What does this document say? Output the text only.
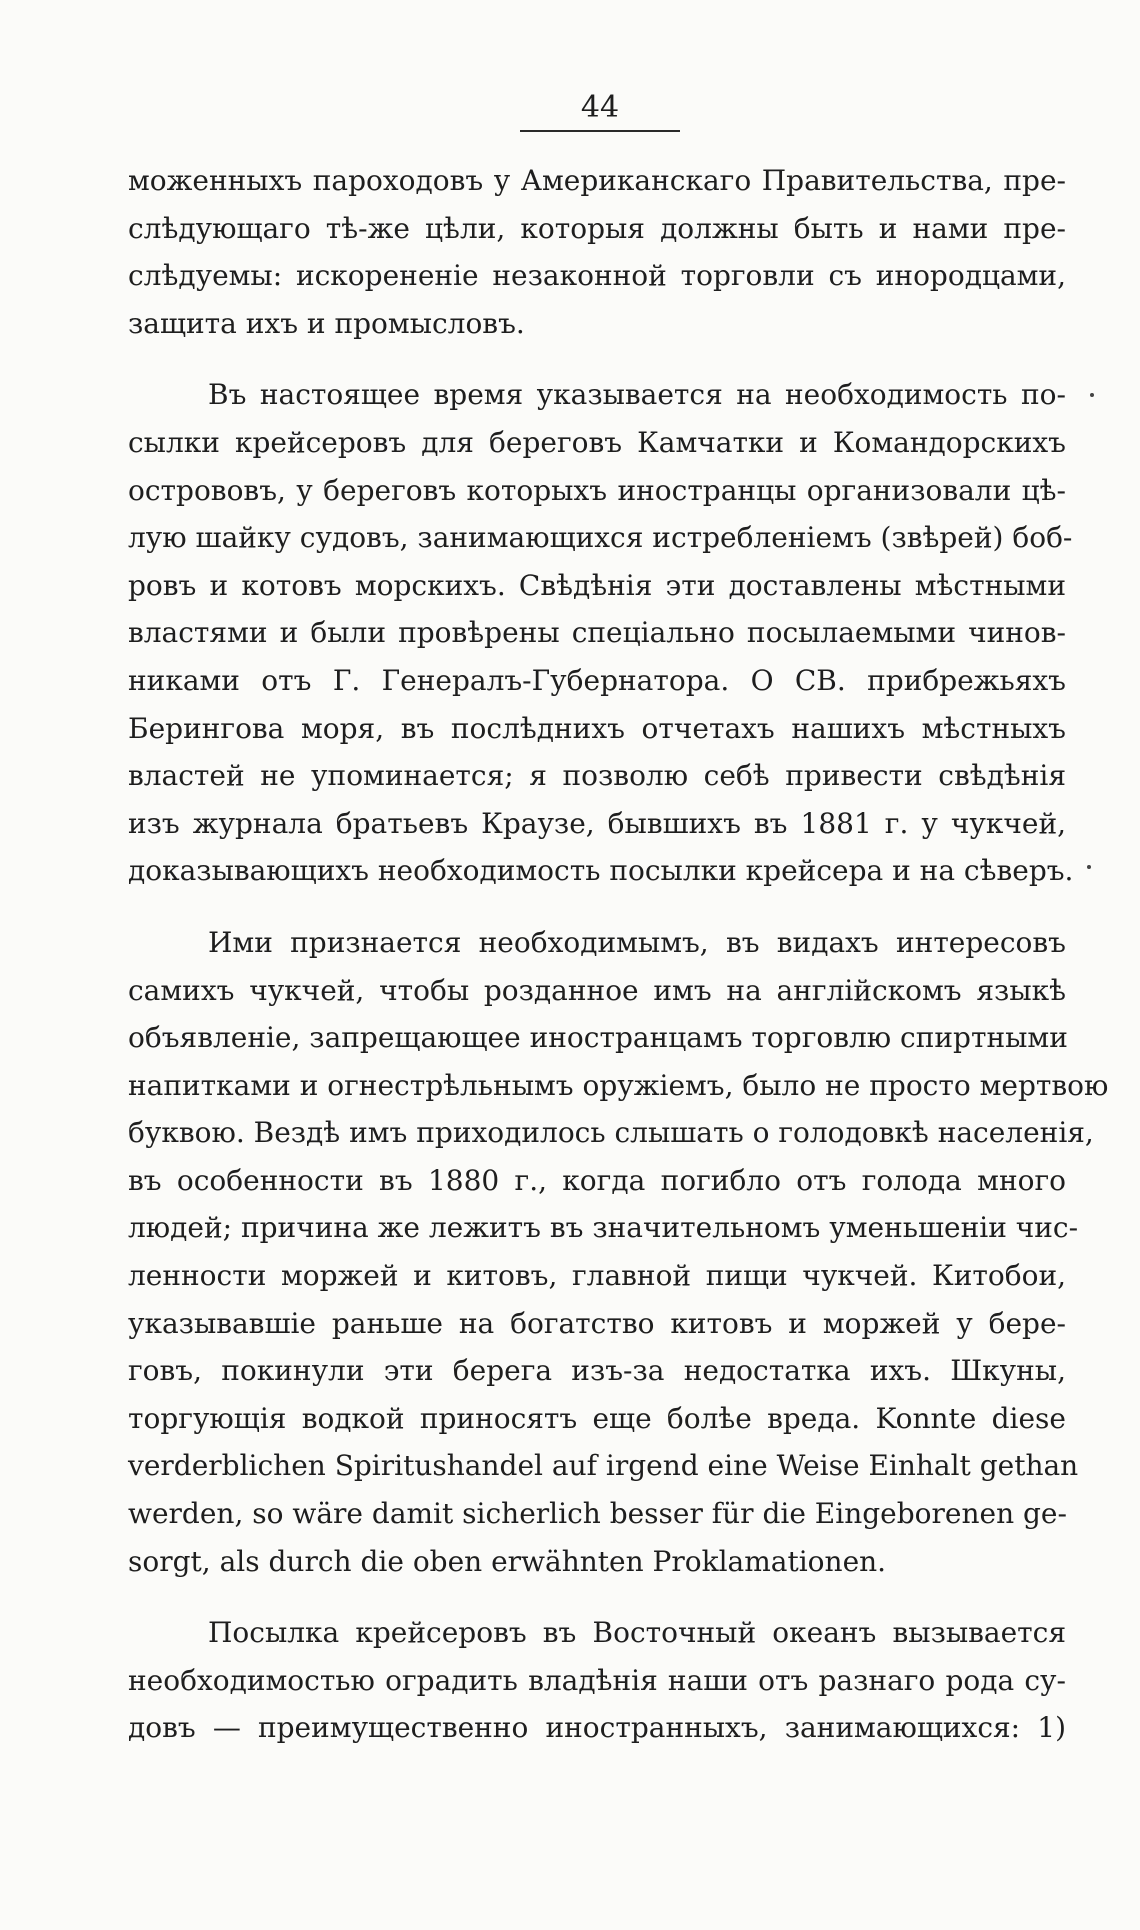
44
моженныхъ пароходовъ у Американскаго Правительства, пре-
слѣдующаго тѣ-же цѣли, которыя должны быть и нами пре-
слѣдуемы: искорененіе незаконной торговли съ инородцами,
защита ихъ и промысловъ.
Въ настоящее время указывается на необходимость по-
сылки крейсеровъ для береговъ Камчатки и Командорскихъ
острововъ, у береговъ которыхъ иностранцы организовали цѣ-
лую шайку судовъ, занимающихся истребленіемъ (звѣрей) боб-
ровъ и котовъ морскихъ. Свѣдѣнія эти доставлены мѣстными
властями и были провѣрены спеціально посылаемыми чинов-
никами отъ Г. Генералъ-Губернатора. О СВ. прибрежьяхъ
Берингова моря, въ послѣднихъ отчетахъ нашихъ мѣстныхъ
властей не упоминается; я позволю себѣ привести свѣдѣнія
изъ журнала братьевъ Краузе, бывшихъ въ 1881 г. у чукчей,
доказывающихъ необходимость посылки крейсера и на сѣверъ.
Ими признается необходимымъ, въ видахъ интересовъ
самихъ чукчей, чтобы розданное имъ на англійскомъ языкѣ
объявленіе, запрещающее иностранцамъ торговлю спиртными
напитками и огнестрѣльнымъ оружіемъ, было не просто мертвою
буквою. Вездѣ имъ приходилось слышать о голодовкѣ населенія,
въ особенности въ 1880 г., когда погибло отъ голода много
людей; причина же лежитъ въ значительномъ уменьшеніи чис-
ленности моржей и китовъ, главной пищи чукчей. Китобои,
указывавшіе раньше на богатство китовъ и моржей у бере-
говъ, покинули эти берега изъ-за недостатка ихъ. Шкуны,
торгующія водкой приносятъ еще болѣе вреда. Konnte diese
verderblichen Spiritushandel auf irgend eine Weise Einhalt gethan
werden, so wäre damit sicherlich besser für die Eingeborenen ge-
sorgt, als durch die oben erwähnten Proklamationen.
Посылка крейсеровъ въ Восточный океанъ вызывается
необходимостью оградить владѣнія наши отъ разнаго рода су-
довъ — преимущественно иностранныхъ, занимающихся: 1)
